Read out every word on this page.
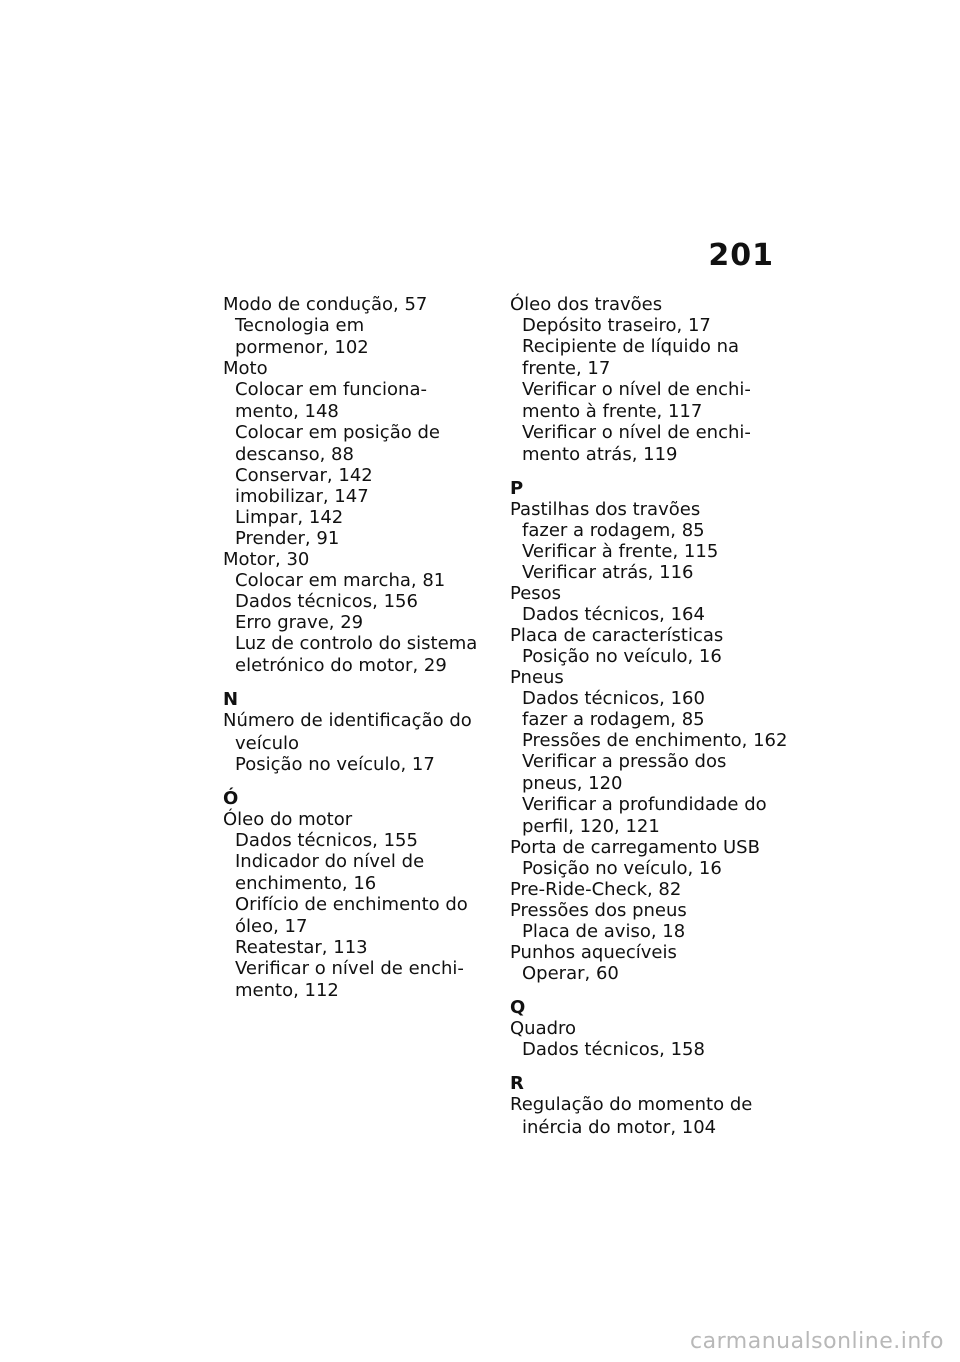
201
Modo de condução, 57
Tecnologia em
pormenor, 102
Moto
Colocar em funciona-
mento, 148
Colocar em posição de
descanso, 88
Conservar, 142
imobilizar, 147
Limpar, 142
Prender, 91
Motor, 30
Colocar em marcha, 81
Dados técnicos, 156
Erro grave, 29
Luz de controlo do sistema
eletrónico do motor, 29
N
Número de identificação do
veículo
Posição no veículo, 17
Ó
Óleo do motor
Dados técnicos, 155
Indicador do nível de
enchimento, 16
Orifício de enchimento do
óleo, 17
Reatestar, 113
Verificar o nível de enchi-
mento, 112
Óleo dos travões
Depósito traseiro, 17
Recipiente de líquido na
frente, 17
Verificar o nível de enchi-
mento à frente, 117
Verificar o nível de enchi-
mento atrás, 119
P
Pastilhas dos travões
fazer a rodagem, 85
Verificar à frente, 115
Verificar atrás, 116
Pesos
Dados técnicos, 164
Placa de características
Posição no veículo, 16
Pneus
Dados técnicos, 160
fazer a rodagem, 85
Pressões de enchimento, 162
Verificar a pressão dos
pneus, 120
Verificar a profundidade do
perfil, 120, 121
Porta de carregamento USB
Posição no veículo, 16
Pre-Ride-Check, 82
Pressões dos pneus
Placa de aviso, 18
Punhos aquecíveis
Operar, 60
Q
Quadro
Dados técnicos, 158
R
Regulação do momento de
inércia do motor, 104
carmanualsonline.info
